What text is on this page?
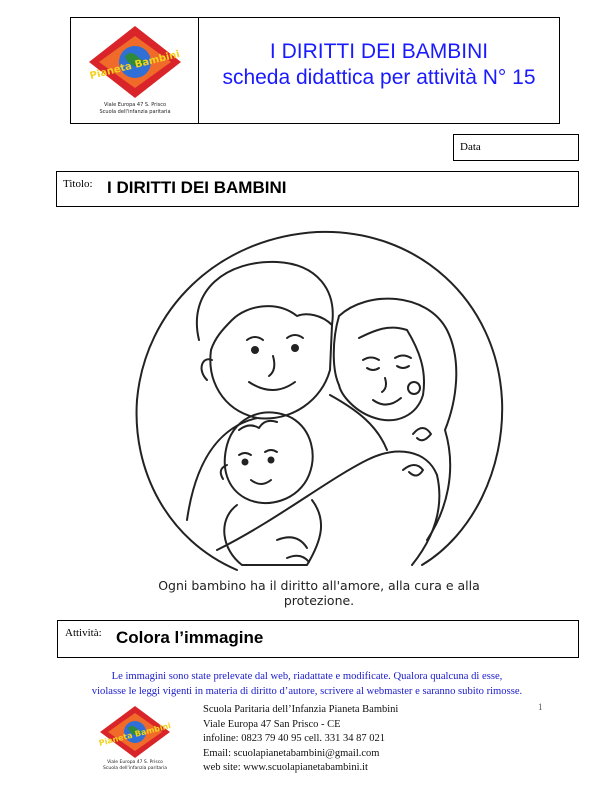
Pianeta Bambini
Viale Europa 47 S. Prisco
Scuola dell'infanzia paritaria
I DIRITTI DEI BAMBINI
scheda didattica per attività N° 15
Data
Titolo: I DIRITTI DEI BAMBINI
Ogni bambino ha il diritto all'amore, alla cura e alla protezione.
Attività: Colora l’immagine
Le immagini sono state prelevate dal web, riadattate e modificate. Qualora qualcuna di esse,
violasse le leggi vigenti in materia di diritto d’autore, scrivere al webmaster e saranno subito rimosse.
Pianeta Bambini
Viale Europa 47 S. Prisco
Scuola dell'infanzia paritaria
Scuola Paritaria dell’Infanzia Pianeta Bambini
Viale Europa 47 San Prisco - CE
infoline: 0823 79 40 95 cell. 331 34 87 021
Email: scuolapianetabambini@gmail.com
web site: www.scuolapianetabambini.it
1
